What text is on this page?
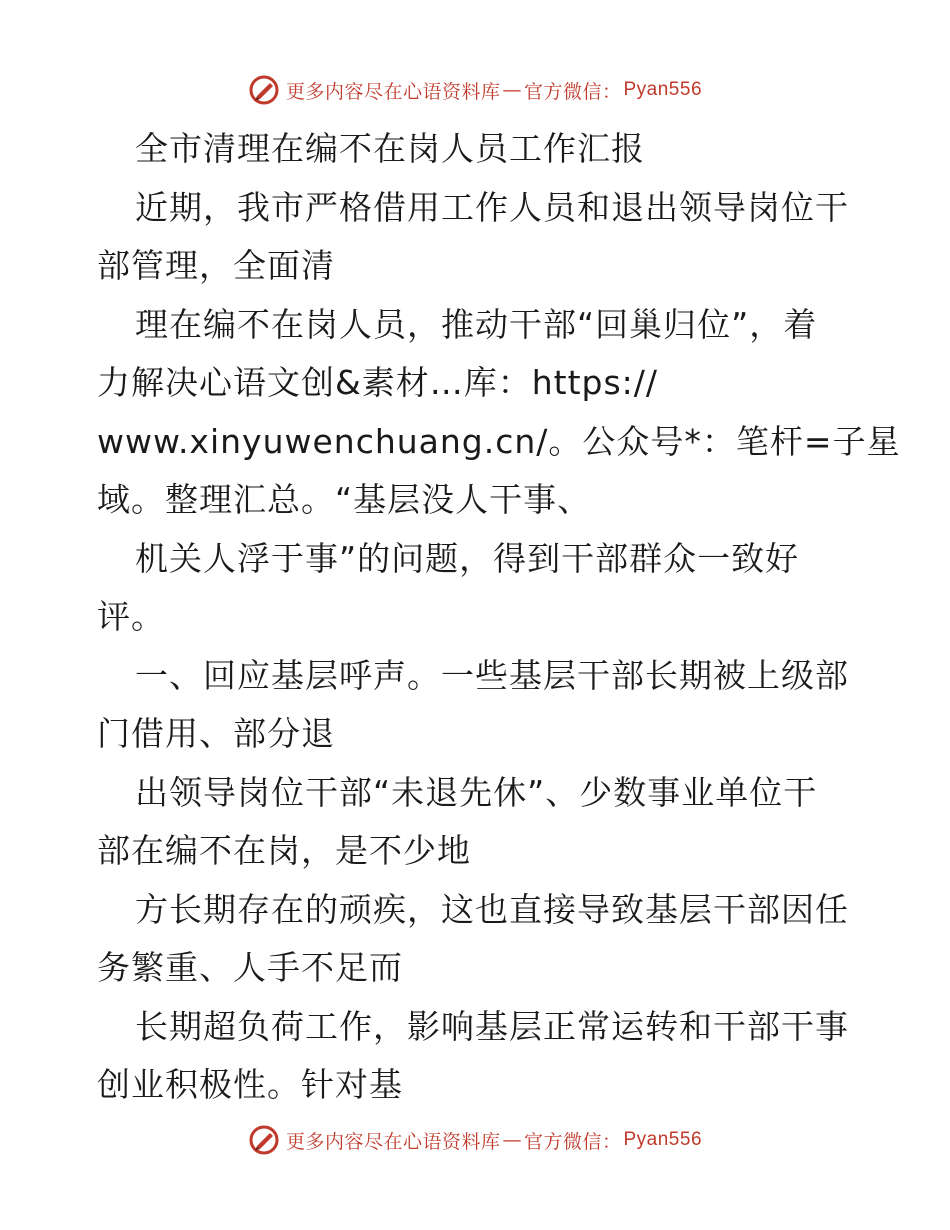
更多内容尽在心语资料库 — 官方微信： Pyan556

全市清理在编不在岗人员工作汇报

近期，我市严格借用工作人员和退出领导岗位干

部管理，全面清

理在编不在岗人员，推动干部“回巢归位”，着

力解决心语文创&素材…库：https://

www.xinyuwenchuang.cn/。公众号*：笔杆=子星

域。整理汇总。“基层没人干事、

机关人浮于事”的问题，得到干部群众一致好

评。

一、回应基层呼声。一些基层干部长期被上级部

门借用、部分退

出领导岗位干部“未退先休”、少数事业单位干

部在编不在岗，是不少地

方长期存在的顽疾，这也直接导致基层干部因任

务繁重、人手不足而

长期超负荷工作，影响基层正常运转和干部干事

创业积极性。针对基

更多内容尽在心语资料库 — 官方微信： Pyan556
